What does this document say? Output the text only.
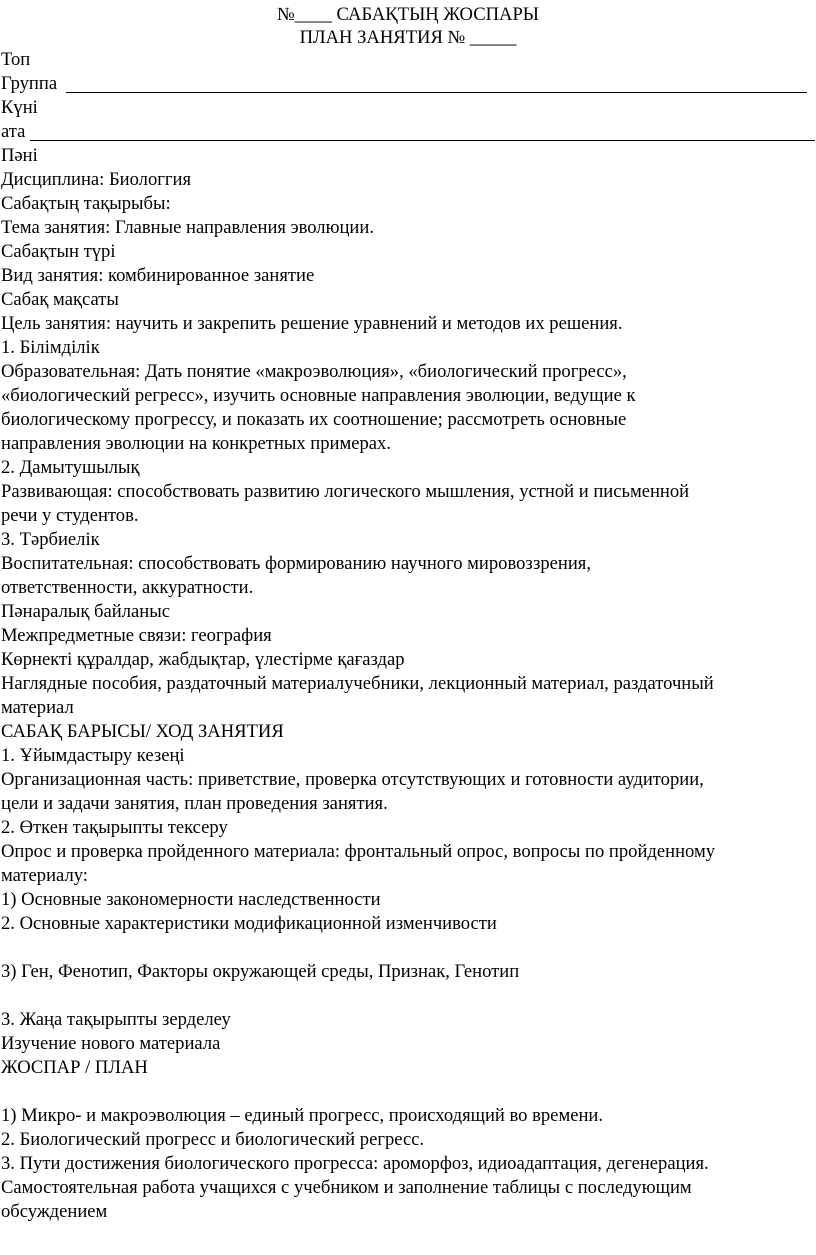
№____ САБАҚТЫҢ ЖОСПАРЫ
ПЛАН ЗАНЯТИЯ № _____
Топ
Группа
Күні
ата
Пәні
Дисциплина: Биологгия
Сабақтың тақырыбы:
Тема занятия: Главные направления эволюции.
Сабақтын түрі
Вид занятия: комбинированное занятие
Сабақ мақсаты
Цель занятия: научить и закрепить решение уравнений и методов их решения.
1. Білімділік
Образовательная: Дать понятие «макроэволюция», «биологический прогресс»,
«биологический регресс», изучить основные направления эволюции, ведущие к
биологическому прогрессу, и показать их соотношение; рассмотреть основные
направления эволюции на конкретных примерах.
2. Дамытушылық
Развивающая: способствовать развитию логического мышления, устной и письменной
речи у студентов.
3. Тәрбиелік
Воспитательная: способствовать формированию научного мировоззрения,
ответственности, аккуратности.
Пәнаралық байланыс
Межпредметные связи: география
Көрнекті құралдар, жабдықтар, үлестірме қағаздар
Наглядные пособия, раздаточный материалучебники, лекционный материал, раздаточный
материал
САБАҚ БАРЫСЫ/ ХОД ЗАНЯТИЯ
1. Ұйымдастыру кезеңі
Организационная часть: приветствие, проверка отсутствующих и готовности аудитории,
цели и задачи занятия, план проведения занятия.
2. Өткен тақырыпты тексеру
Опрос и проверка пройденного материала: фронтальный опрос, вопросы по пройденному
материалу:
1) Основные закономерности наследственности
2. Основные характеристики модификационной изменчивости
3) Ген, Фенотип, Факторы окружающей среды, Признак, Генотип
3. Жаңа тақырыпты зерделеу
Изучение нового материала
ЖОСПАР / ПЛАН
1) Микро- и макроэволюция – единый прогресс, происходящий во времени.
2. Биологический прогресс и биологический регресс.
3. Пути достижения биологического прогресса: ароморфоз, идиоадаптация, дегенерация.
Самостоятельная работа учащихся с учебником и заполнение таблицы с последующим
обсуждением
